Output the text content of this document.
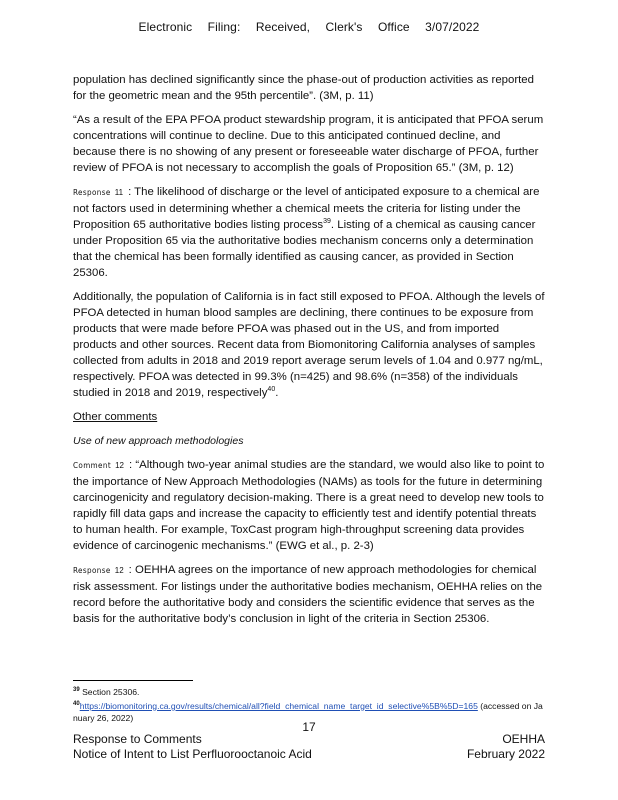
Electronic Filing: Received, Clerk's Office 3/07/2022

population has declined significantly since the phase-out of production activities as reported for the geometric mean and the 95th percentile”. (3M, p. 11)

“As a result of the EPA PFOA product stewardship program, it is anticipated that PFOA serum concentrations will continue to decline. Due to this anticipated continued decline, and because there is no showing of any present or foreseeable water discharge of PFOA, further review of PFOA is not necessary to accomplish the goals of Proposition 65.” (3M, p. 12)

Response 11 : The likelihood of discharge or the level of anticipated exposure to a chemical are not factors used in determining whether a chemical meets the criteria for listing under the Proposition 65 authoritative bodies listing process$^{39}$. Listing of a chemical as causing cancer under Proposition 65 via the authoritative bodies mechanism concerns only a determination that the chemical has been formally identified as causing cancer, as provided in Section 25306.

Additionally, the population of California is in fact still exposed to PFOA. Although the levels of PFOA detected in human blood samples are declining, there continues to be exposure from products that were made before PFOA was phased out in the US, and from imported products and other sources. Recent data from Biomonitoring California analyses of samples collected from adults in 2018 and 2019 report average serum levels of 1.04 and 0.977 ng/mL, respectively. PFOA was detected in 99.3% (n=425) and 98.6% (n=358) of the individuals studied in 2018 and 2019, respectively$^{40}$.

Other comments

Use of new approach methodologies

Comment 12 : “Although two-year animal studies are the standard, we would also like to point to the importance of New Approach Methodologies (NAMs) as tools for the future in determining carcinogenicity and regulatory decision-making. There is a great need to develop new tools to rapidly fill data gaps and increase the capacity to efficiently test and identify potential threats to human health. For example, ToxCast program high-throughput screening data provides evidence of carcinogenic mechanisms.” (EWG et al., p. 2-3)

Response 12 : OEHHA agrees on the importance of new approach methodologies for chemical risk assessment. For listings under the authoritative bodies mechanism, OEHHA relies on the record before the authoritative body and considers the scientific evidence that serves as the basis for the authoritative body’s conclusion in light of the criteria in Section 25306.

$^{39}$ Section 25306.
$^{40}$https://biomonitoring.ca.gov/results/chemical/all?field_chemical_name_target_id_selective%5B%5D=165 (accessed on January 26, 2022)
17
Response to Comments	OEHHA
Notice of Intent to List Perfluorooctanoic Acid	February 2022
